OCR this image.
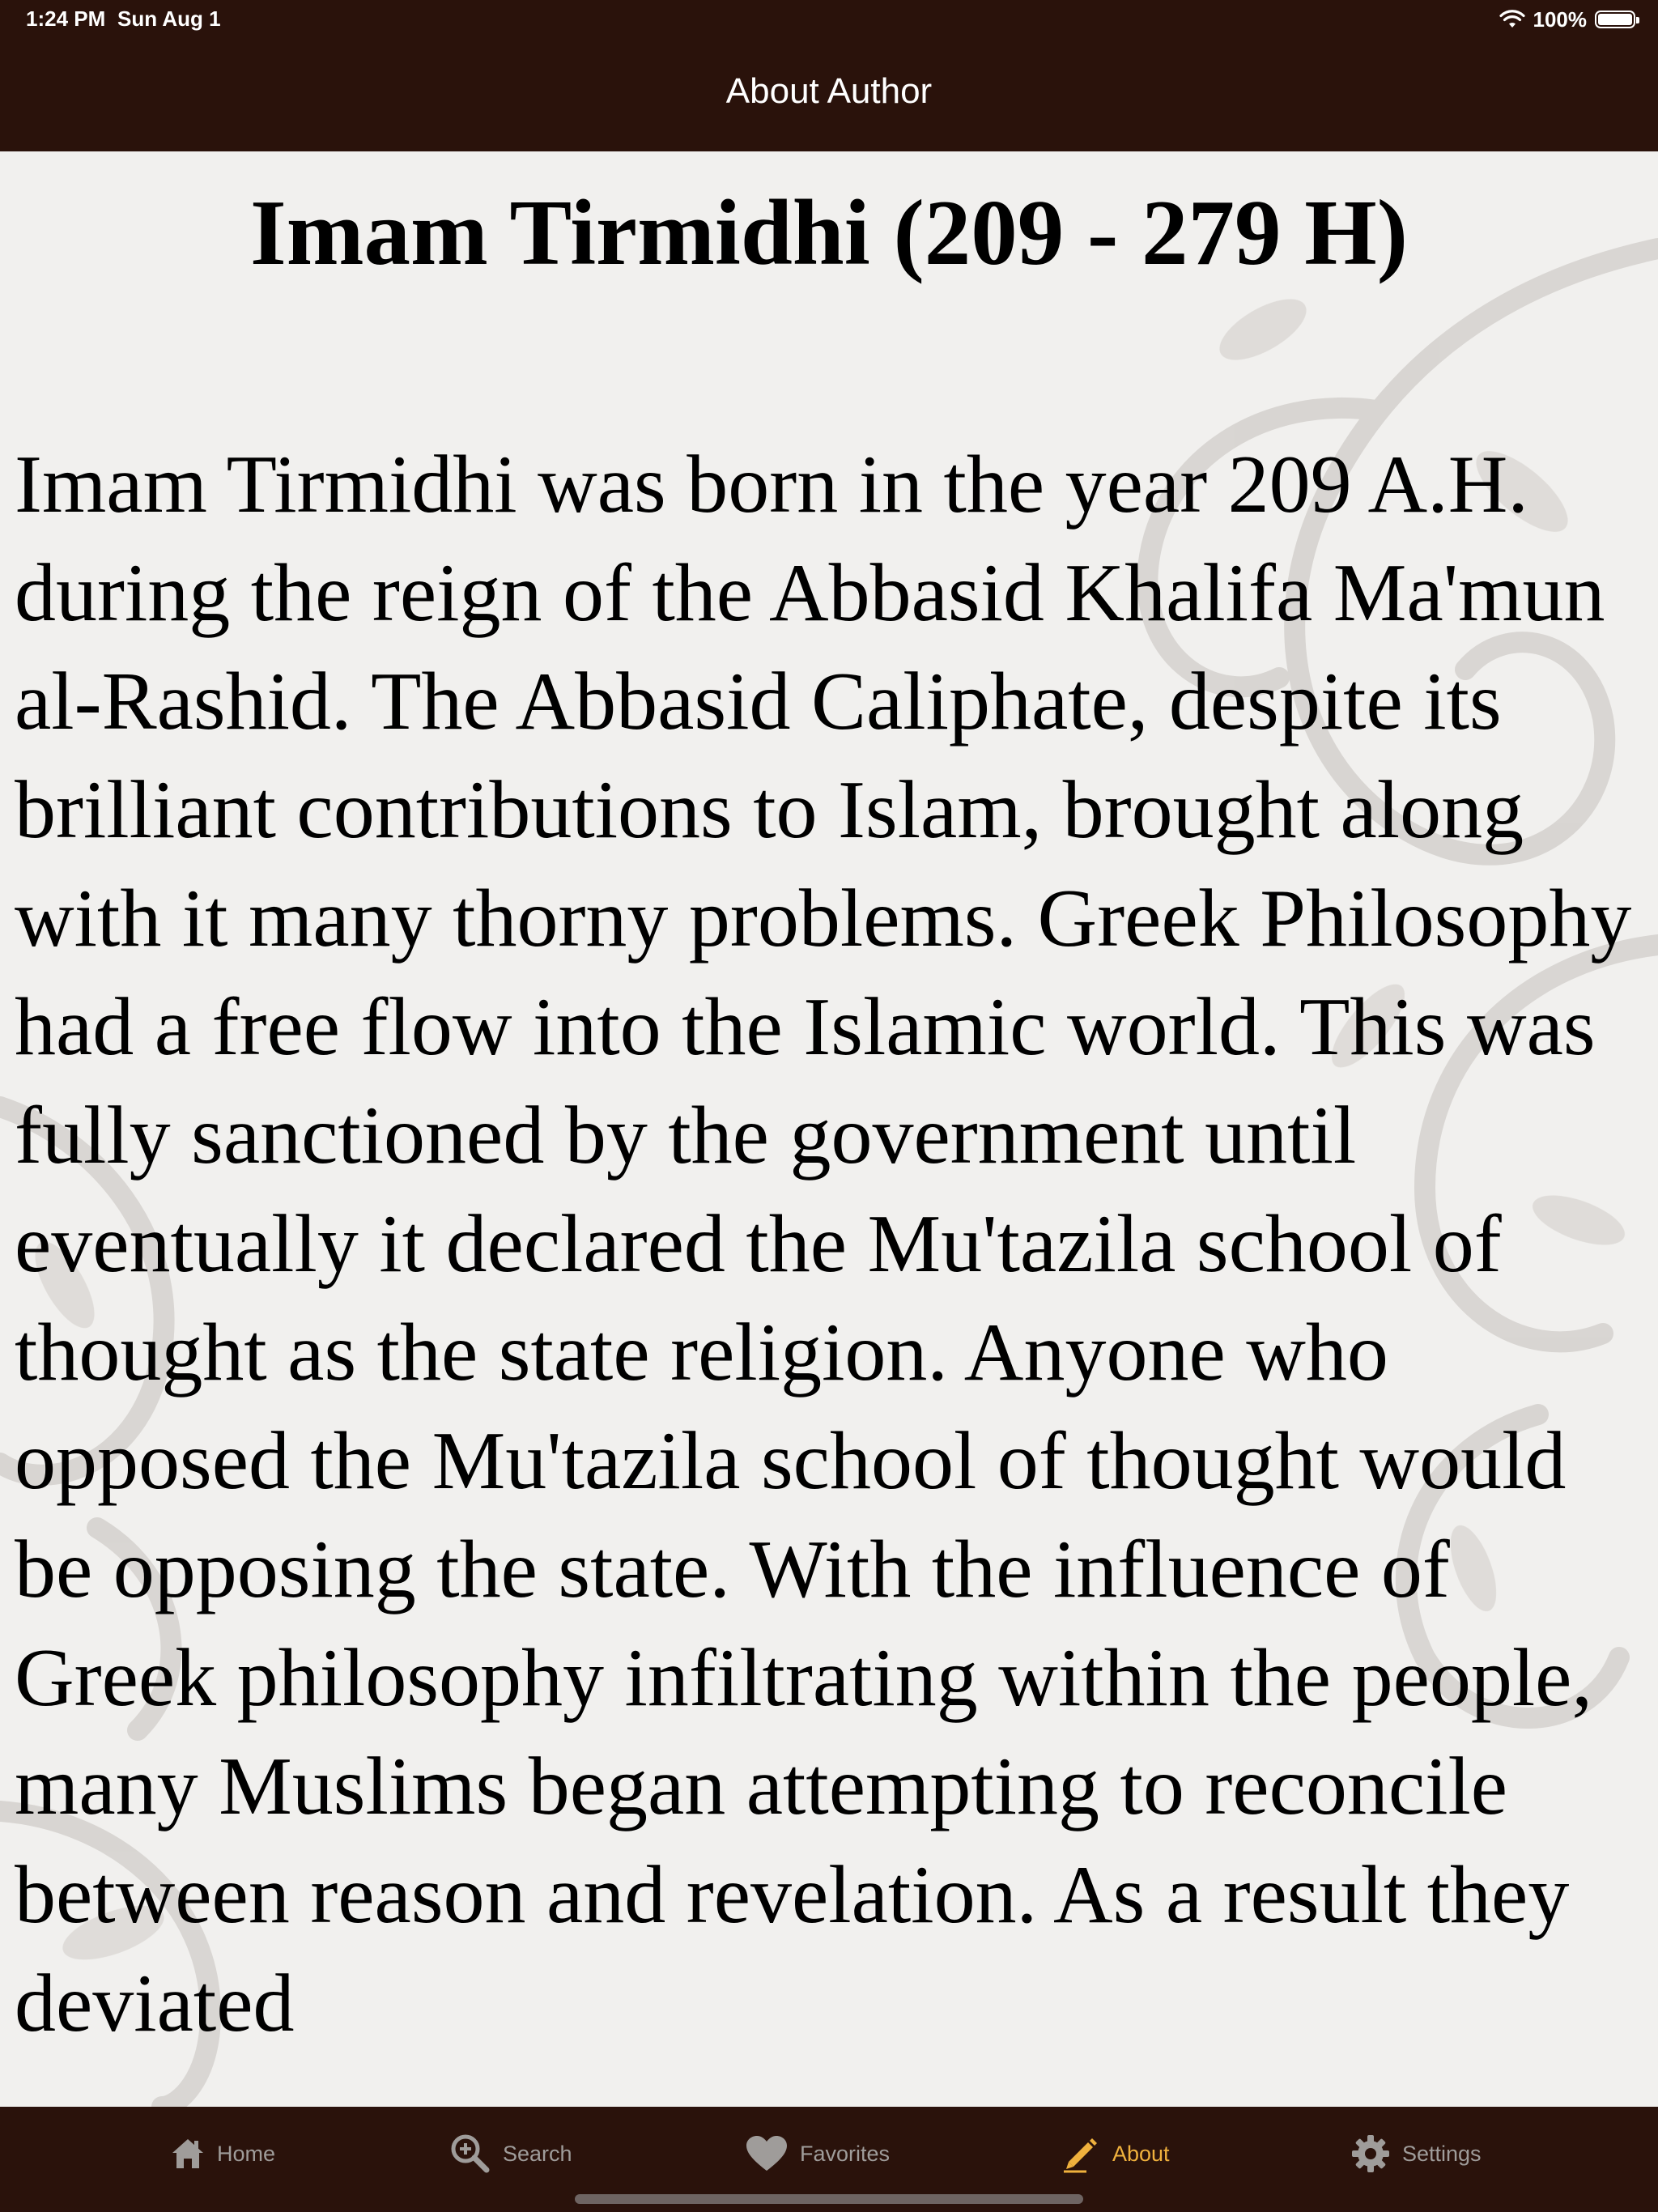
1:24 PM Sun Aug 1	100%
About Author
Imam Tirmidhi (209 - 279 H)

Imam Tirmidhi was born in the year 209 A.H. during the reign of the Abbasid Khalifa Ma'mun al-Rashid. The Abbasid Caliphate, despite its brilliant contributions to Islam, brought along with it many thorny problems. Greek Philosophy had a free flow into the Islamic world. This was fully sanctioned by the government until eventually it declared the Mu'tazila school of thought as the state religion. Anyone who opposed the Mu'tazila school of thought would be opposing the state. With the influence of Greek philosophy infiltrating within the people, many Muslims began attempting to reconcile between reason and revelation. As a result they deviated

Home	Search	Favorites	About	Settings
